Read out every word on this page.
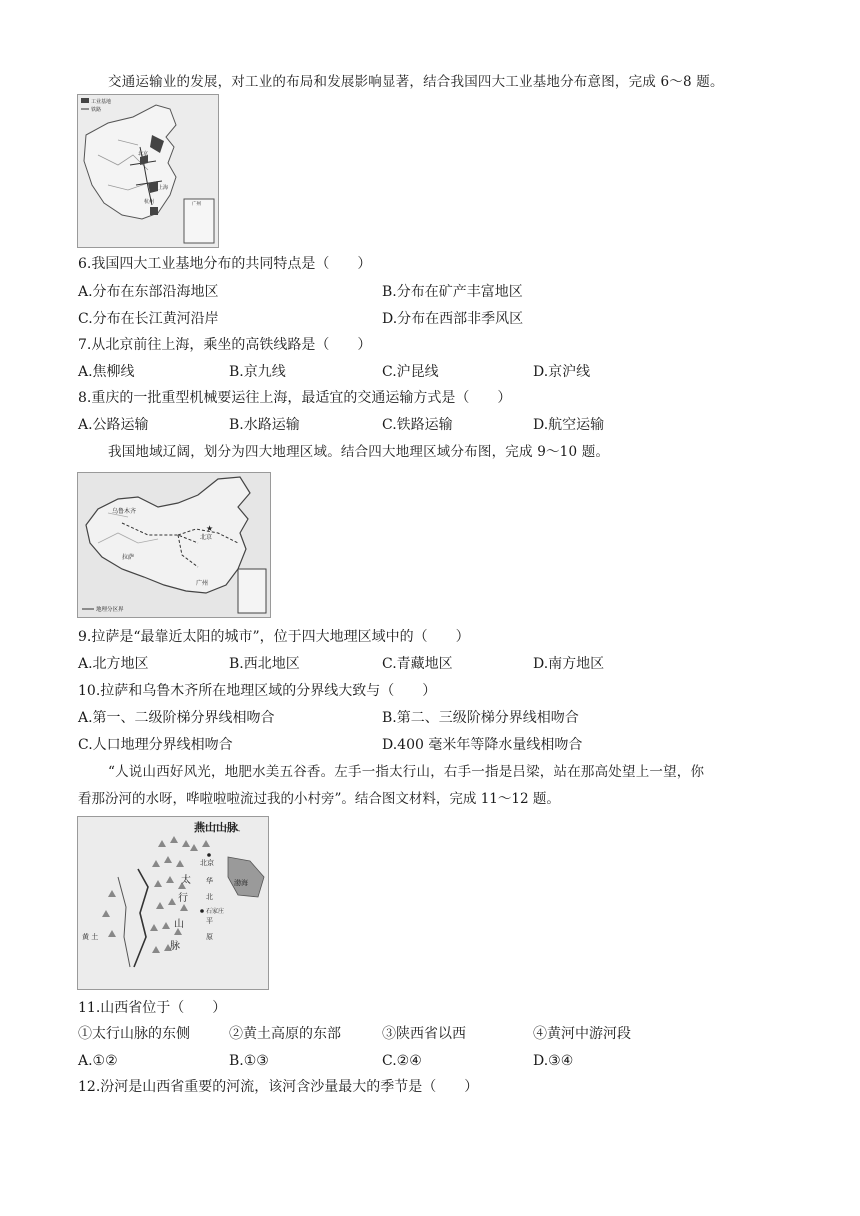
交通运输业的发展，对工业的布局和发展影响显著，结合我国四大工业基地分布意图，完成 6～8 题。
工业基地
铁路
北京
上海
杭州	广州
6.我国四大工业基地分布的共同特点是（　　）
A.分布在东部沿海地区	B.分布在矿产丰富地区
C.分布在长江黄河沿岸	D.分布在西部非季风区
7.从北京前往上海，乘坐的高铁线路是（　　）
A.焦柳线	B.京九线	C.沪昆线	D.京沪线
8.重庆的一批重型机械要运往上海，最适宜的交通运输方式是（　　）
A.公路运输	B.水路运输	C.铁路运输	D.航空运输
我国地域辽阔，划分为四大地理区域。结合四大地理区域分布图，完成 9～10 题。
★
乌鲁木齐
北京
拉萨
广州
地理分区界
9.拉萨是“最靠近太阳的城市”，位于四大地理区域中的（　　）
A.北方地区	B.西北地区	C.青藏地区	D.南方地区
10.拉萨和乌鲁木齐所在地理区域的分界线大致与（　　）
A.第一、二级阶梯分界线相吻合	B.第二、三级阶梯分界线相吻合
C.人口地理分界线相吻合	D.400 毫米年等降水量线相吻合
“人说山西好风光，地肥水美五谷香。左手一指太行山，右手一指是吕梁，站在那高处望上一望，你
看那汾河的水呀，哗啦啦啦流过我的小村旁”。结合图文材料，完成 11～12 题。
燕山山脉
北京
太
行
山
脉
华
北
平
原
石家庄
渤海
黄 土
11.山西省位于（　　）
①太行山脉的东侧	②黄土高原的东部	③陕西省以西	④黄河中游河段
A.①②	B.①③	C.②④	D.③④
12.汾河是山西省重要的河流，该河含沙量最大的季节是（　　）
